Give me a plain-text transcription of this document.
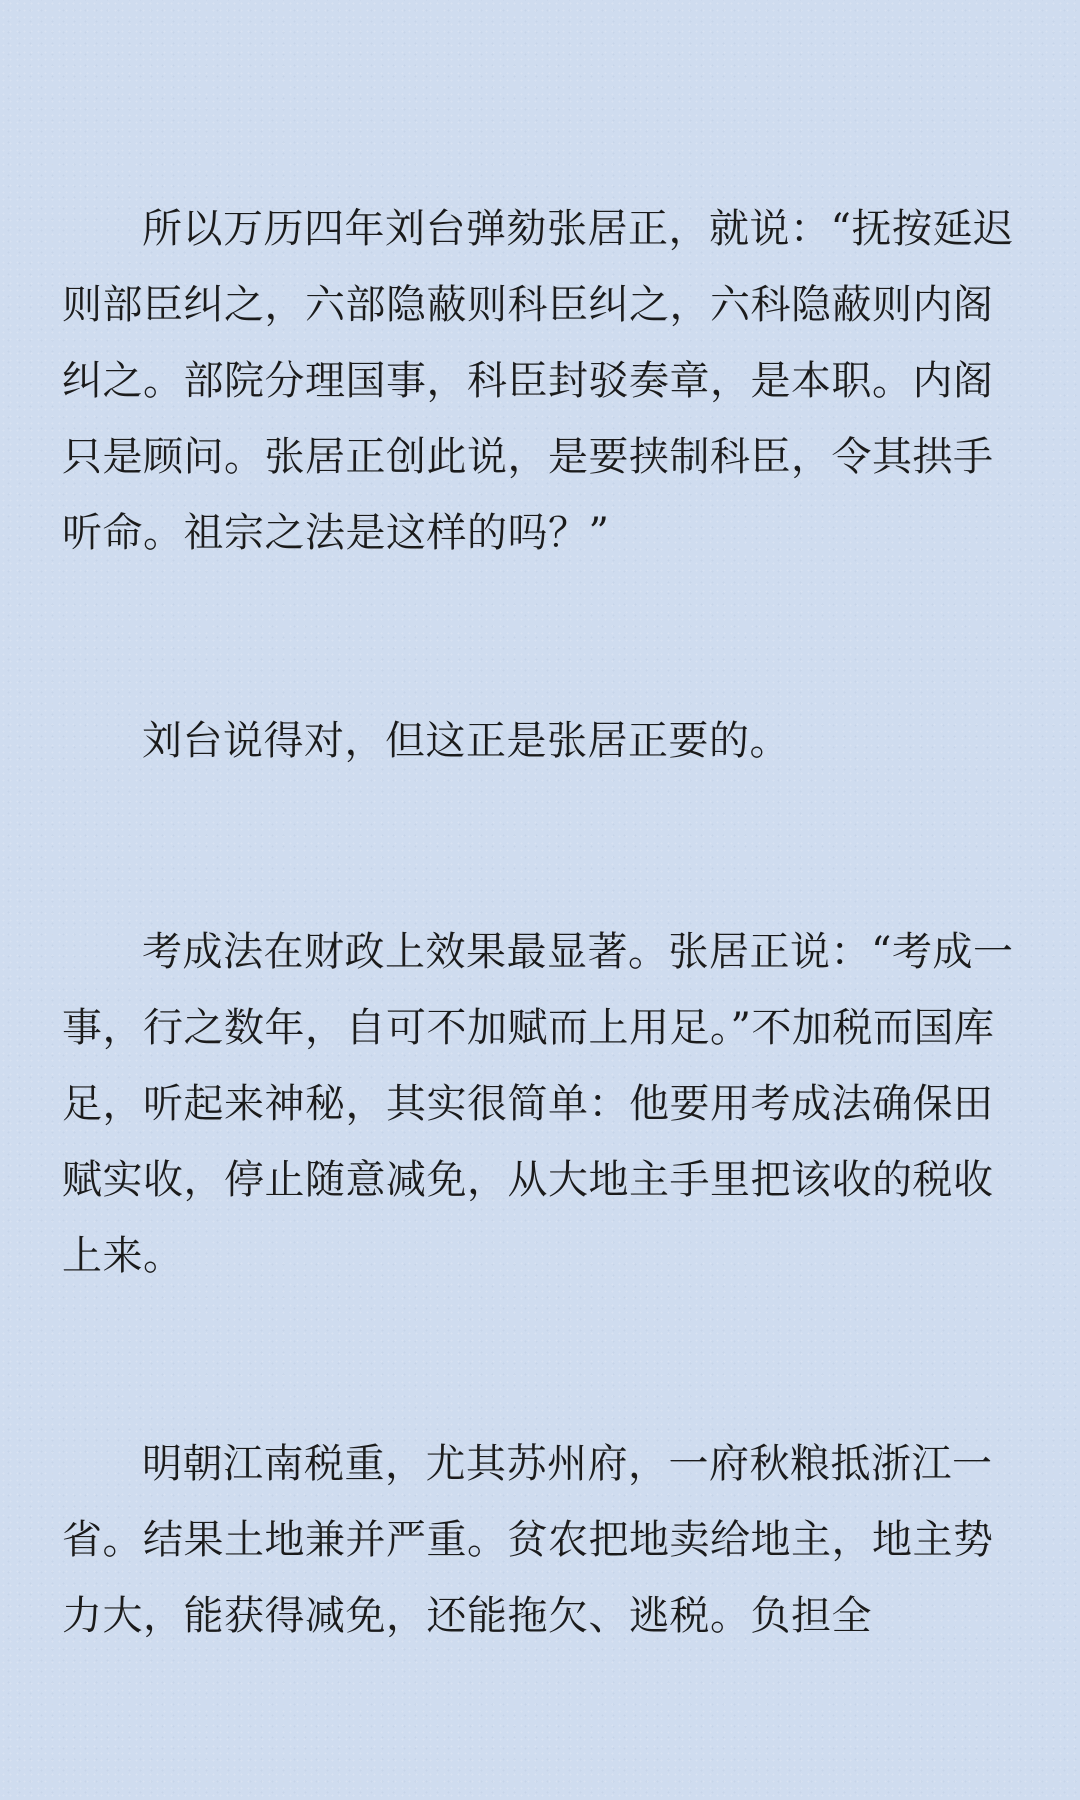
所以万历四年刘台弹劾张居正，就说：“抚按延迟则部臣纠之，六部隐蔽则科臣纠之，六科隐蔽则内阁纠之。部院分理国事，科臣封驳奏章，是本职。内阁只是顾问。张居正创此说，是要挟制科臣，令其拱手听命。祖宗之法是这样的吗？”

刘台说得对，但这正是张居正要的。

考成法在财政上效果最显著。张居正说：“考成一事，行之数年，自可不加赋而上用足。”不加税而国库足，听起来神秘，其实很简单：他要用考成法确保田赋实收，停止随意减免，从大地主手里把该收的税收上来。

明朝江南税重，尤其苏州府，一府秋粮抵浙江一省。结果土地兼并严重。贫农把地卖给地主，地主势力大，能获得减免，还能拖欠、逃税。负担全
